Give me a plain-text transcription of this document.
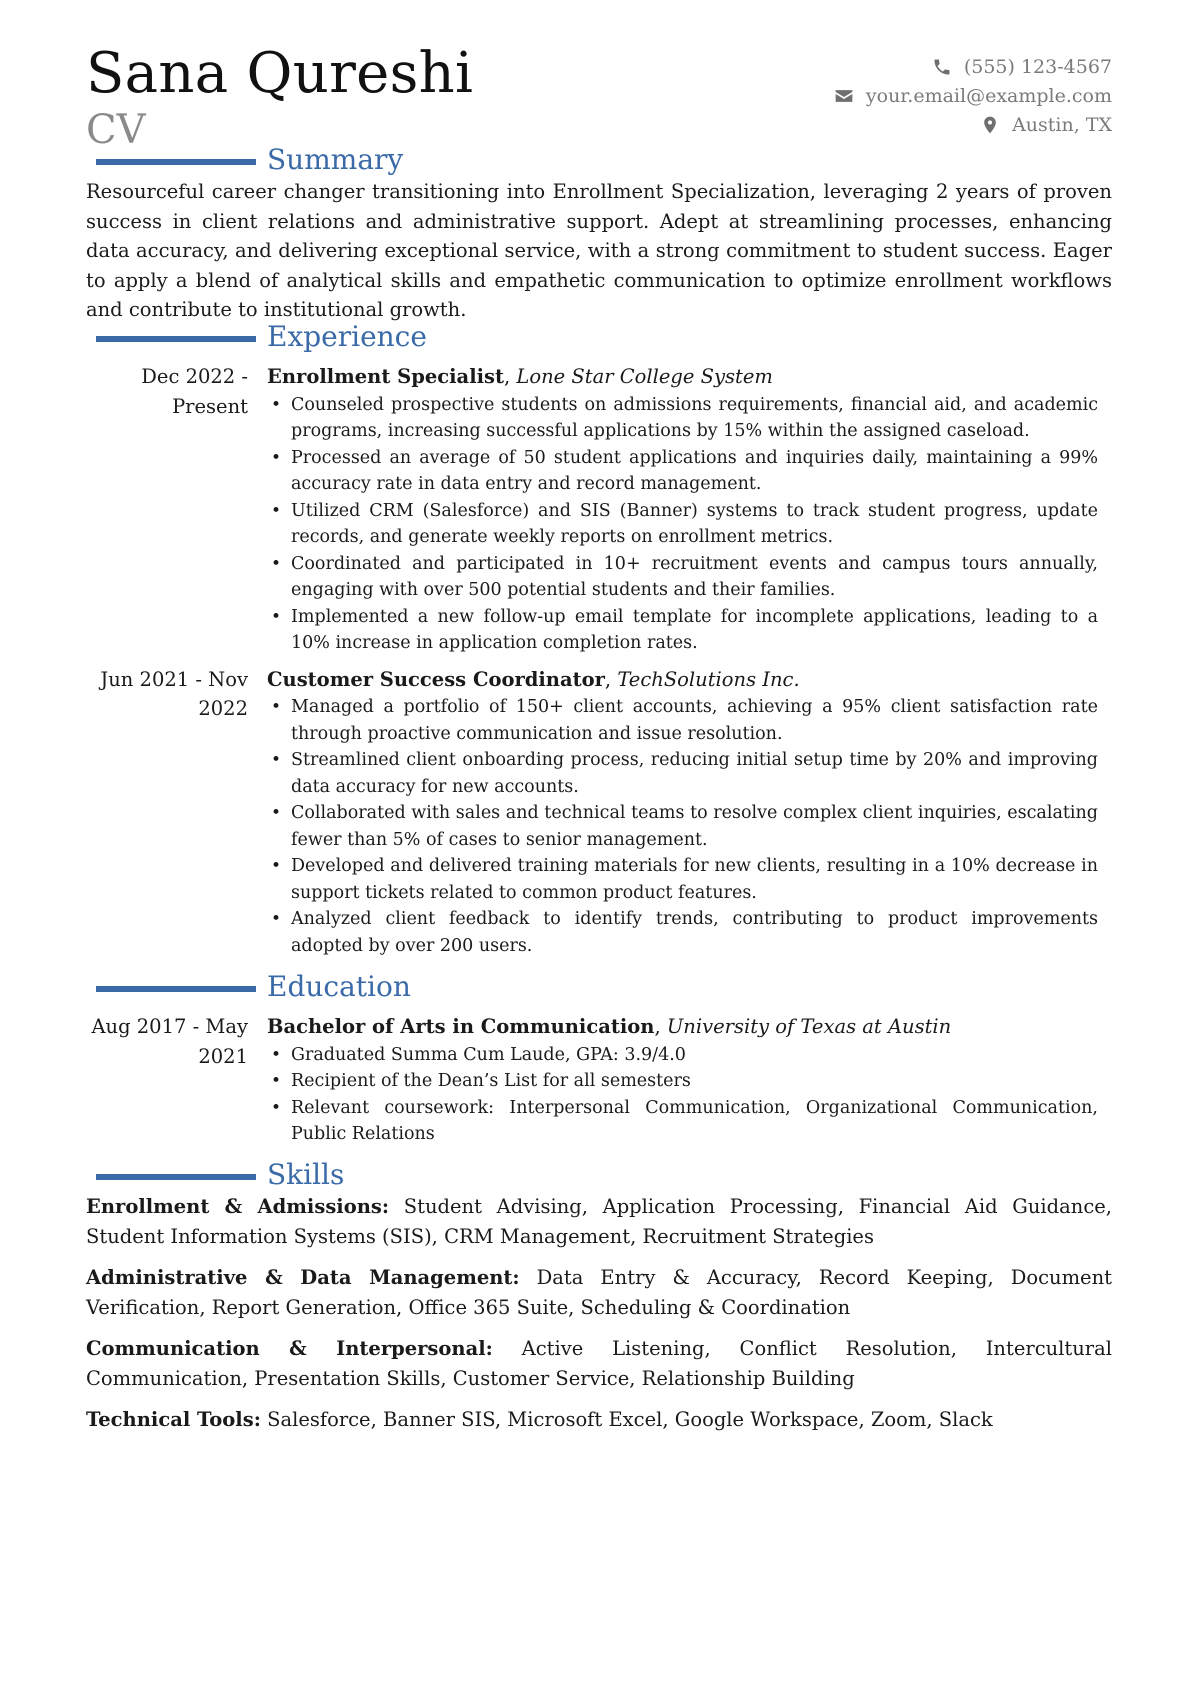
Sana Qureshi
CV
(555) 123-4567
your.email@example.com
Austin, TX
Summary

Resourceful career changer transitioning into Enrollment Specialization, leveraging 2 years of proven success in client relations and administrative support. Adept at streamlining processes, enhancing data accuracy, and delivering exceptional service, with a strong commitment to student success. Eager to apply a blend of analytical skills and empathetic communication to optimize enrollment workflows and contribute to institutional growth.

Experience
Dec 2022 - Present
Enrollment Specialist, Lone Star College System
• Counseled prospective students on admissions requirements, financial aid, and academic programs, increasing successful applications by 15% within the assigned caseload.
• Processed an average of 50 student applications and inquiries daily, maintaining a 99% accuracy rate in data entry and record management.
• Utilized CRM (Salesforce) and SIS (Banner) systems to track student progress, update records, and generate weekly reports on enrollment metrics.
• Coordinated and participated in 10+ recruitment events and campus tours annually, engaging with over 500 potential students and their families.
• Implemented a new follow-up email template for incomplete applications, leading to a 10% increase in application completion rates.
Jun 2021 - Nov 2022
Customer Success Coordinator, TechSolutions Inc.
• Managed a portfolio of 150+ client accounts, achieving a 95% client satisfaction rate through proactive communication and issue resolution.
• Streamlined client onboarding process, reducing initial setup time by 20% and improving data accuracy for new accounts.
• Collaborated with sales and technical teams to resolve complex client inquiries, escalating fewer than 5% of cases to senior management.
• Developed and delivered training materials for new clients, resulting in a 10% decrease in support tickets related to common product features.
• Analyzed client feedback to identify trends, contributing to product improvements adopted by over 200 users.
Education
Aug 2017 - May 2021
Bachelor of Arts in Communication, University of Texas at Austin
• Graduated Summa Cum Laude, GPA: 3.9/4.0
• Recipient of the Dean’s List for all semesters
• Relevant coursework: Interpersonal Communication, Organizational Communication, Public Relations
Skills

Enrollment & Admissions: Student Advising, Application Processing, Financial Aid Guidance, Student Information Systems (SIS), CRM Management, Recruitment Strategies

Administrative & Data Management: Data Entry & Accuracy, Record Keeping, Document Verification, Report Generation, Office 365 Suite, Scheduling & Coordination

Communication & Interpersonal: Active Listening, Conflict Resolution, Intercultural Communication, Presentation Skills, Customer Service, Relationship Building

Technical Tools: Salesforce, Banner SIS, Microsoft Excel, Google Workspace, Zoom, Slack
